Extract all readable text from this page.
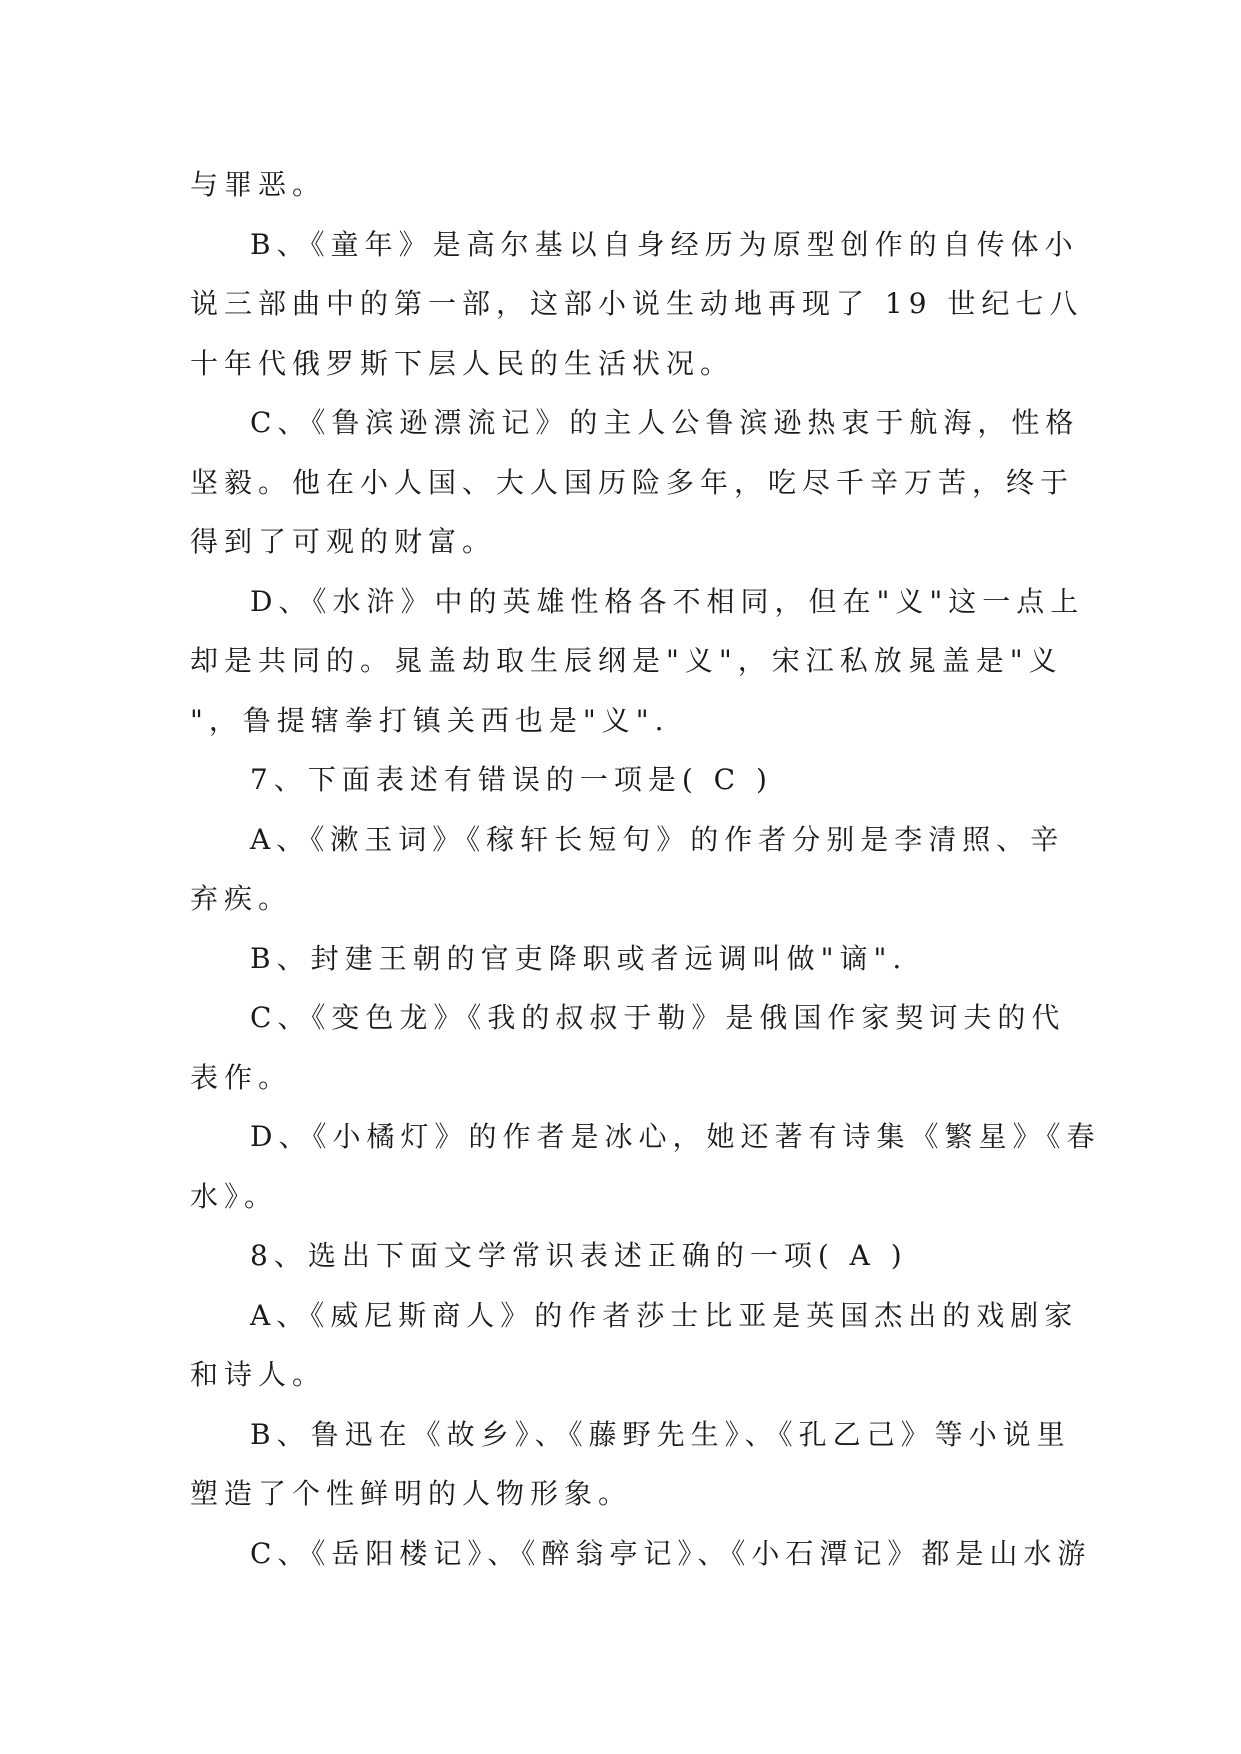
与罪恶。
B、《童年》是高尔基以自身经历为原型创作的自传体小
说三部曲中的第一部，这部小说生动地再现了 19 世纪七八
十年代俄罗斯下层人民的生活状况。
C、《鲁滨逊漂流记》的主人公鲁滨逊热衷于航海，性格
坚毅。他在小人国、大人国历险多年，吃尽千辛万苦，终于
得到了可观的财富。
D、《水浒》中的英雄性格各不相同，但在"义"这一点上
却是共同的。晁盖劫取生辰纲是"义"，宋江私放晁盖是"义
"，鲁提辖拳打镇关西也是"义".
7、下面表述有错误的一项是( C )
A、《漱玉词》《稼轩长短句》的作者分别是李清照、辛
弃疾。
B、封建王朝的官吏降职或者远调叫做"谪".
C、《变色龙》《我的叔叔于勒》是俄国作家契诃夫的代
表作。
D、《小橘灯》的作者是冰心，她还著有诗集《繁星》《春
水》。
8、选出下面文学常识表述正确的一项( A )
A、《威尼斯商人》的作者莎士比亚是英国杰出的戏剧家
和诗人。
B、鲁迅在《故乡》、《藤野先生》、《孔乙己》等小说里
塑造了个性鲜明的人物形象。
C、《岳阳楼记》、《醉翁亭记》、《小石潭记》都是山水游
